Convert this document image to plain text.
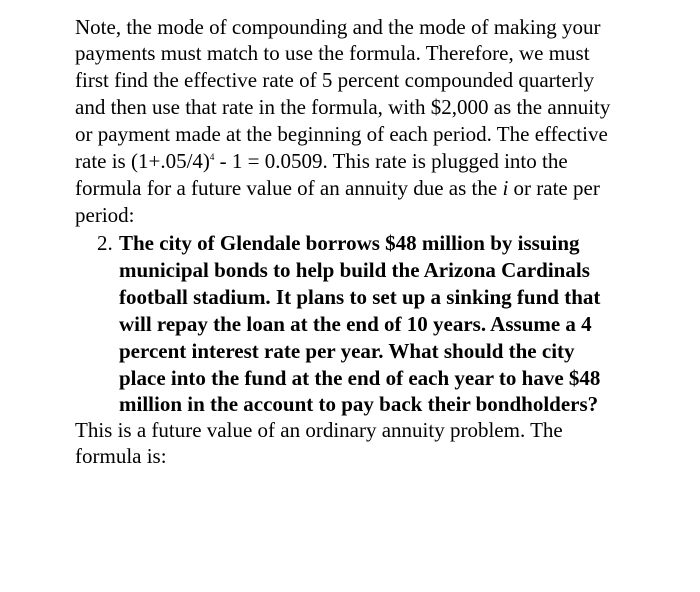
Note, the mode of compounding and the mode of making your
payments must match to use the formula. Therefore, we must
first find the effective rate of 5 percent compounded quarterly
and then use that rate in the formula, with $2,000 as the annuity
or payment made at the beginning of each period. The effective
rate is $(1+.05/4)^4 - 1 = 0.0509$. This rate is plugged into the
formula for a future value of an annuity due as the i or rate per
period:
2. The city of Glendale borrows $48 million by issuing
municipal bonds to help build the Arizona Cardinals
football stadium. It plans to set up a sinking fund that
will repay the loan at the end of 10 years. Assume a 4
percent interest rate per year. What should the city
place into the fund at the end of each year to have $48
million in the account to pay back their bondholders?
This is a future value of an ordinary annuity problem. The
formula is:
